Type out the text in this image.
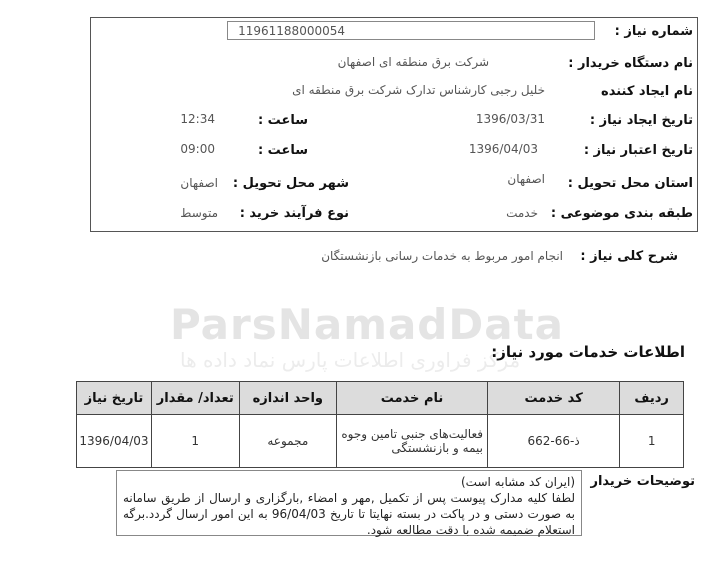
ParsNamadData
مرکز فراوری اطلاعات پارس نماد داده ها
شماره نیاز :
11961188000054
نام دستگاه خریدار :
شرکت برق منطقه ای اصفهان
نام ایجاد کننده
خلیل رجبی کارشناس تدارک شرکت برق منطقه ای
تاریخ ایجاد نیاز :
1396/03/31
ساعت :
12:34
تاریخ اعتبار نیاز :
1396/04/03
ساعت :
09:00
استان محل تحویل :
اصفهان
شهر محل تحویل :
اصفهان
طبقه بندی موضوعی :
خدمت
نوع فرآیند خرید :
متوسط
شرح کلی نیاز :
انجام امور مربوط به خدمات رسانی بازنشستگان
اطلاعات خدمات مورد نیاز:
ردیف	کد خدمت	نام خدمت	واحد اندازه	تعداد/ مقدار	تاریخ نیاز
1	ذ-66-662	فعالیت‌های جنبی تامین وجوه بیمه و بازنشستگی	مجموعه	1	1396/04/03
توضیحات خریدار
(ایران کد مشابه است)
لطفا کلیه مدارک پیوست پس از تکمیل ,مهر و امضاء ,بارگزاری و ارسال از طریق سامانه به صورت دستی و در پاکت در بسته نهایتا تا تاریخ 96/04/03 به این امور ارسال گردد.برگه استعلام ضمیمه شده با دقت مطالعه شود.
